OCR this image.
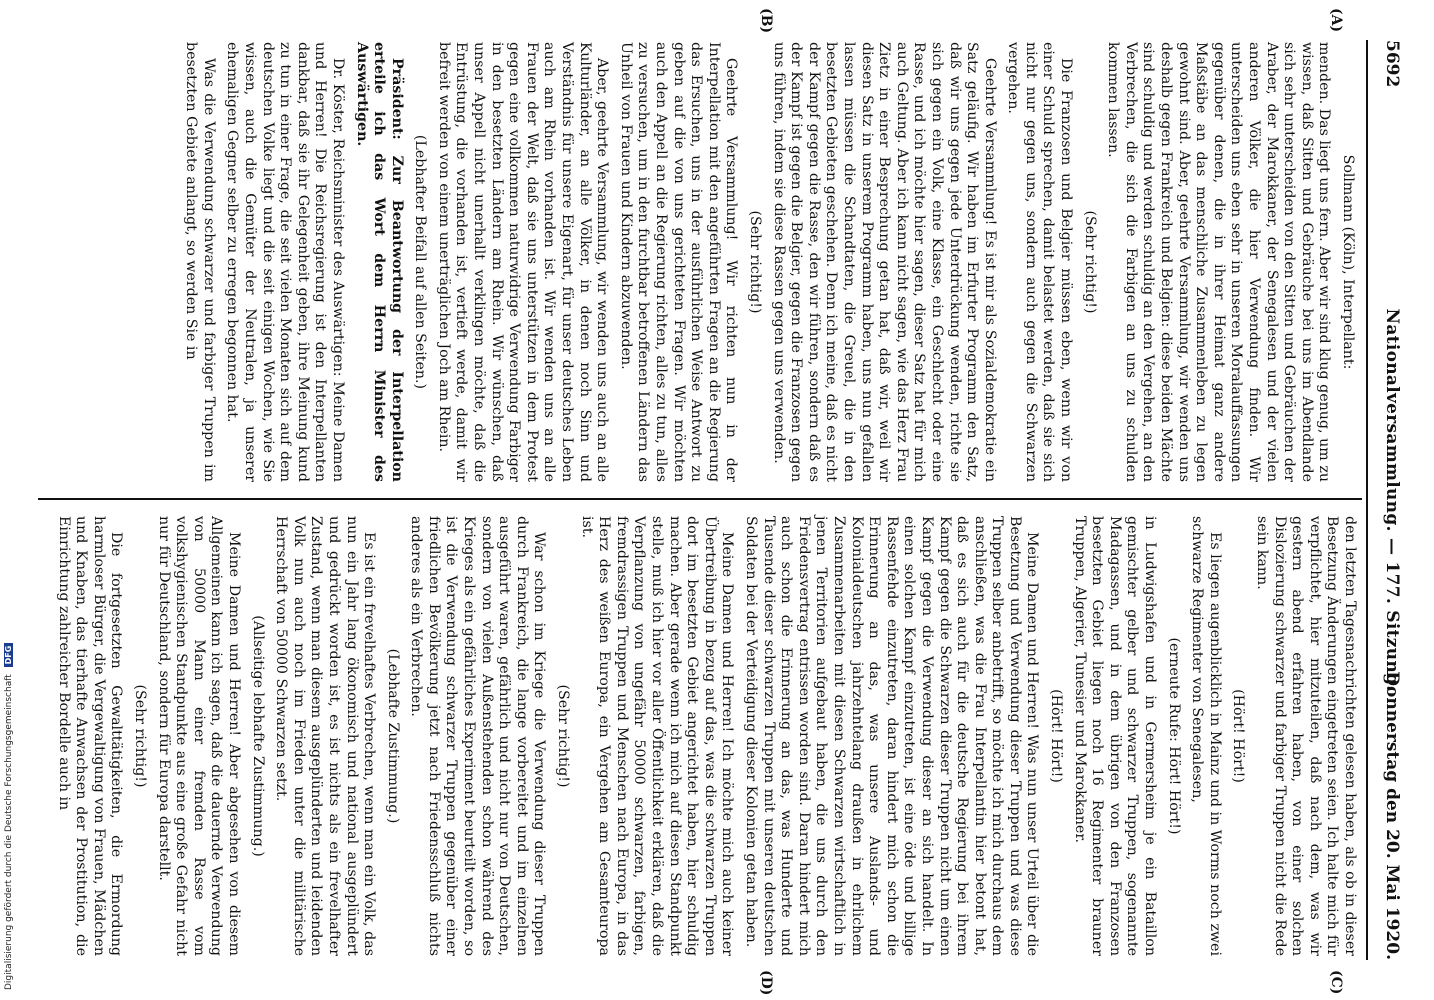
5692
Nationalversammlung. — 177. Sitzung.
Donnerstag den 20. Mai 1920.
(A)
(B)
(C)
(D)

Sollmann (Köln), Interpellant:

menden. Das liegt uns fern. Aber wir sind klug genug, um zu wissen, daß Sitten und Gebräuche bei uns im Abendlande sich sehr unterscheiden von den Sitten und Gebräuchen der Araber, der Marokkaner, der Senegalesen und der vielen anderen Völker, die hier Verwendung finden. Wir unterscheiden uns eben sehr in unseren Moralauffassungen gegenüber denen, die in ihrer Heimat ganz andere Maßstäbe an das menschliche Zusammenleben zu legen gewohnt sind. Aber, geehrte Versammlung, wir wenden uns deshalb gegen Frankreich und Belgien: diese beiden Mächte sind schuldig und werden schuldig an den Vergehen, an den Verbrechen, die sich die Farbigen an uns zu schulden kommen lassen.

(Sehr richtig!)

Die Franzosen und Belgier müssen eben, wenn wir von einer Schuld sprechen, damit belastet werden, daß sie sich nicht nur gegen uns, sondern auch gegen die Schwarzen vergehen.

Geehrte Versammlung! Es ist mir als Sozialdemokratie ein Satz geläufig. Wir haben im Erfurter Programm den Satz, daß wir uns gegen jede Unterdrückung wenden, richte sie sich gegen ein Volk, eine Klasse, ein Geschlecht oder eine Rasse, und ich möchte hier sagen, dieser Satz hat für mich auch Geltung. Aber ich kann nicht sagen, wie das Herz Frau Zietz in einer Besprechung getan hat, daß wir, weil wir diesen Satz in unserem Programm haben, uns nun gefallen lassen müssen die Schandtaten, die Greuel, die in den besetzten Gebieten geschehen. Denn ich meine, daß es nicht der Kampf gegen die Rasse, den wir führen, sondern daß es der Kampf ist gegen die Belgier, gegen die Franzosen gegen uns führen, indem sie diese Rassen gegen uns verwenden.

(Sehr richtig!)

Geehrte Versammlung! Wir richten nun in der Interpellation mit den angeführten Fragen an die Regierung das Ersuchen, uns in der ausführlichen Weise Antwort zu geben auf die von uns gerichteten Fragen. Wir möchten auch den Appell an die Regierung richten, alles zu tun, alles zu versuchen, um in den furchtbar betroffenen Ländern das Unheil von Frauen und Kindern abzuwenden.

Aber, geehrte Versammlung, wir wenden uns auch an alle Kulturländer, an alle Völker, in denen noch Sinn und Verständnis für unsere Eigenart, für unser deutsches Leben auch am Rhein vorhanden ist. Wir wenden uns an alle Frauen der Welt, daß sie uns unterstützen in dem Protest gegen eine vollkommen naturwidrige Verwendung Farbiger in den besetzten Ländern am Rhein. Wir wünschen, daß unser Appell nicht unerhallt verklingen möchte, daß die Entrüstung, die vorhanden ist, vertieft werde, damit wir befreit werden von einem unerträglichen Joch am Rhein.

(Lebhafter Beifall auf allen Seiten.)

Präsident: Zur Beantwortung der Interpellation erteile ich das Wort dem Herrn Minister des Auswärtigen.

Dr. Köster, Reichsminister des Auswärtigen: Meine Damen und Herren! Die Reichsregierung ist den Interpellanten dankbar, daß sie ihr Gelegenheit geben, ihre Meinung kund zu tun in einer Frage, die seit vielen Monaten sich auf dem deutschen Volke liegt und die seit einigen Wochen, wie Sie wissen, auch die Gemüter der Neutralen, ja unserer ehemaligen Gegner selber zu erregen begonnen hat.

Was die Verwendung schwarzer und farbiger Truppen im besetzten Gebiete anlangt, so werden Sie in

den letzten Tagesnachrichten gelesen haben, als ob in dieser Besetzung Änderungen eingetreten seien. Ich halte mich für verpflichtet, hier mitzuteilen, daß nach dem, was wir gestern abend erfahren haben, von einer solchen Dislozierung schwarzer und farbiger Truppen nicht die Rede sein kann.

(Hört! Hört!)

Es liegen augenblicklich in Mainz und in Worms noch zwei schwarze Regimenter von Senegalesen,

(erneute Rufe: Hört! Hört!)

in Ludwigshafen und in Germersheim je ein Bataillon gemischter gelber und schwarzer Truppen, sogenannte Madagassen, und in dem übrigen von den Franzosen besetzten Gebiet liegen noch 16 Regimenter brauner Truppen, Algerier, Tunesier und Marokkaner.

(Hört! Hört!)

Meine Damen und Herren! Was nun unser Urteil über die Besetzung und Verwendung dieser Truppen und was diese Truppen selber anbetrifft, so möchte ich mich durchaus dem anschließen, was die Frau Interpellantin hier betont hat, daß es sich auch für die deutsche Regierung bei ihrem Kampf gegen die Schwarzen dieser Truppen nicht um einen Kampf gegen die Verwendung dieser an sich handelt. In einen solchen Kampf einzutreten, ist eine öde und billige Rassenfehde einzutreten, daran hindert mich schon die Erinnerung an das, was unsere Auslands- und Kolonialdeutschen jahrzehntelang draußen in ehrlichem Zusammenarbeiten mit diesen Schwarzen wirtschaftlich in jenen Territorien aufgebaut haben, die uns durch den Friedensvertrag entrissen worden sind. Daran hindert mich auch schon die Erinnerung an das, was Hunderte und Tausende dieser schwarzen Truppen mit unseren deutschen Soldaten bei der Verteidigung dieser Kolonien getan haben.

Meine Damen und Herren! Ich möchte mich auch keiner Übertreibung in bezug auf das, was die schwarzen Truppen dort im besetzten Gebiet angerichtet haben, hier schuldig machen. Aber gerade wenn ich mich auf diesen Standpunkt stelle, muß ich hier vor aller Öffentlichkeit erklären, daß die Verpflanzung von ungefähr 50000 schwarzen, farbigen, fremdrassigen Truppen und Menschen nach Europa, in das Herz des weißen Europa, ein Vergehen am Gesamteuropa ist.

(Sehr richtig!)

War schon im Kriege die Verwendung dieser Truppen durch Frankreich, die lange vorbereitet und im einzelnen ausgeführt waren, gefährlich und nicht nur von Deutschen, sondern von vielen Außenstehenden schon während des Krieges als ein gefährliches Experiment beurteilt worden, so ist die Verwendung schwarzer Truppen gegenüber einer friedlichen Bevölkerung jetzt nach Friedensschluß nichts anderes als ein Verbrechen.

(Lebhafte Zustimmung.)

Es ist ein frevelhaftes Verbrechen, wenn man ein Volk, das nun ein Jahr lang ökonomisch und national ausgeplündert und gedrückt worden ist, es ist nichts als ein frevelhafter Zustand, wenn man diesem ausgeplünderten und leidenden Volk nun auch noch im Frieden unter die militärische Herrschaft von 50000 Schwarzen setzt.

(Allseitige lebhafte Zustimmung.)

Meine Damen und Herren! Aber abgesehen von diesem Allgemeinen kann ich sagen, daß die dauernde Verwendung von 50000 Mann einer fremden Rasse vom volkshygienischen Standpunkte aus eine große Gefahr nicht nur für Deutschland, sondern für Europa darstellt.

(Sehr richtig!)

Die fortgesetzten Gewalttätigkeiten, die Ermordung harmloser Bürger, die Vergewaltigung von Frauen, Mädchen und Knaben, das tierhafte Anwachsen der Prostitution, die Einrichtung zahlreicher Bordelle auch in

Digitalisierung gefördert durch die Deutsche Forschungsgemeinschaft DFG
